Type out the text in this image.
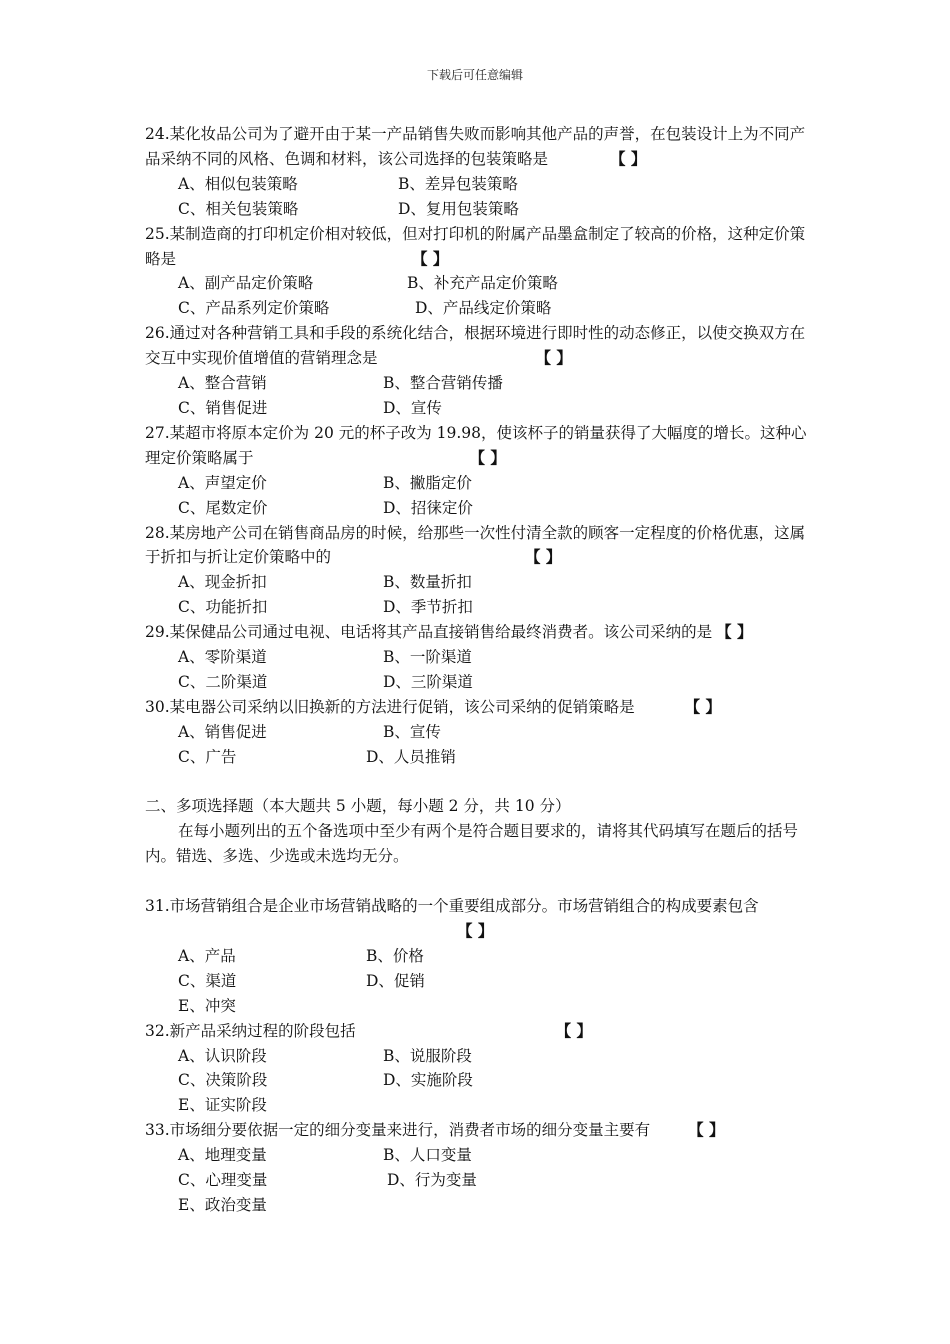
下载后可任意编辑

24.某化妆品公司为了避开由于某一产品销售失败而影响其他产品的声誉，在包装设计上为不同产品采纳不同的风格、色调和材料，该公司选择的包装策略是	【 】

A、相似包装策略	B、差异包装策略
C、相关包装策略	D、复用包装策略

25.某制造商的打印机定价相对较低，但对打印机的附属产品墨盒制定了较高的价格，这种定价策略是	【 】

A、副产品定价策略	B、补充产品定价策略
C、产品系列定价策略	D、产品线定价策略

26.通过对各种营销工具和手段的系统化结合，根据环境进行即时性的动态修正，以使交换双方在交互中实现价值增值的营销理念是	【 】

A、整合营销	B、整合营销传播
C、销售促进	D、宣传

27.某超市将原本定价为 20 元的杯子改为 19.98，使该杯子的销量获得了大幅度的增长。这种心理定价策略属于	【 】

A、声望定价	B、撇脂定价
C、尾数定价	D、招徕定价

28.某房地产公司在销售商品房的时候，给那些一次性付清全款的顾客一定程度的价格优惠，这属于折扣与折让定价策略中的	【 】

A、现金折扣	B、数量折扣
C、功能折扣	D、季节折扣

29.某保健品公司通过电视、电话将其产品直接销售给最终消费者。该公司采纳的是 【 】

A、零阶渠道	B、一阶渠道
C、二阶渠道	D、三阶渠道

30.某电器公司采纳以旧换新的方法进行促销，该公司采纳的促销策略是	【 】

A、销售促进	B、宣传
C、广告	D、人员推销

二、多项选择题（本大题共 5 小题，每小题 2 分，共 10 分）

在每小题列出的五个备选项中至少有两个是符合题目要求的，请将其代码填写在题后的括号内。错选、多选、少选或未选均无分。

31.市场营销组合是企业市场营销战略的一个重要组成部分。市场营销组合的构成要素包含

【 】

A、产品	B、价格
C、渠道	D、促销
E、冲突

32.新产品采纳过程的阶段包括	【 】

A、认识阶段	B、说服阶段
C、决策阶段	D、实施阶段
E、证实阶段

33.市场细分要依据一定的细分变量来进行，消费者市场的细分变量主要有 【 】

A、地理变量	B、人口变量
C、心理变量	D、行为变量
E、政治变量
